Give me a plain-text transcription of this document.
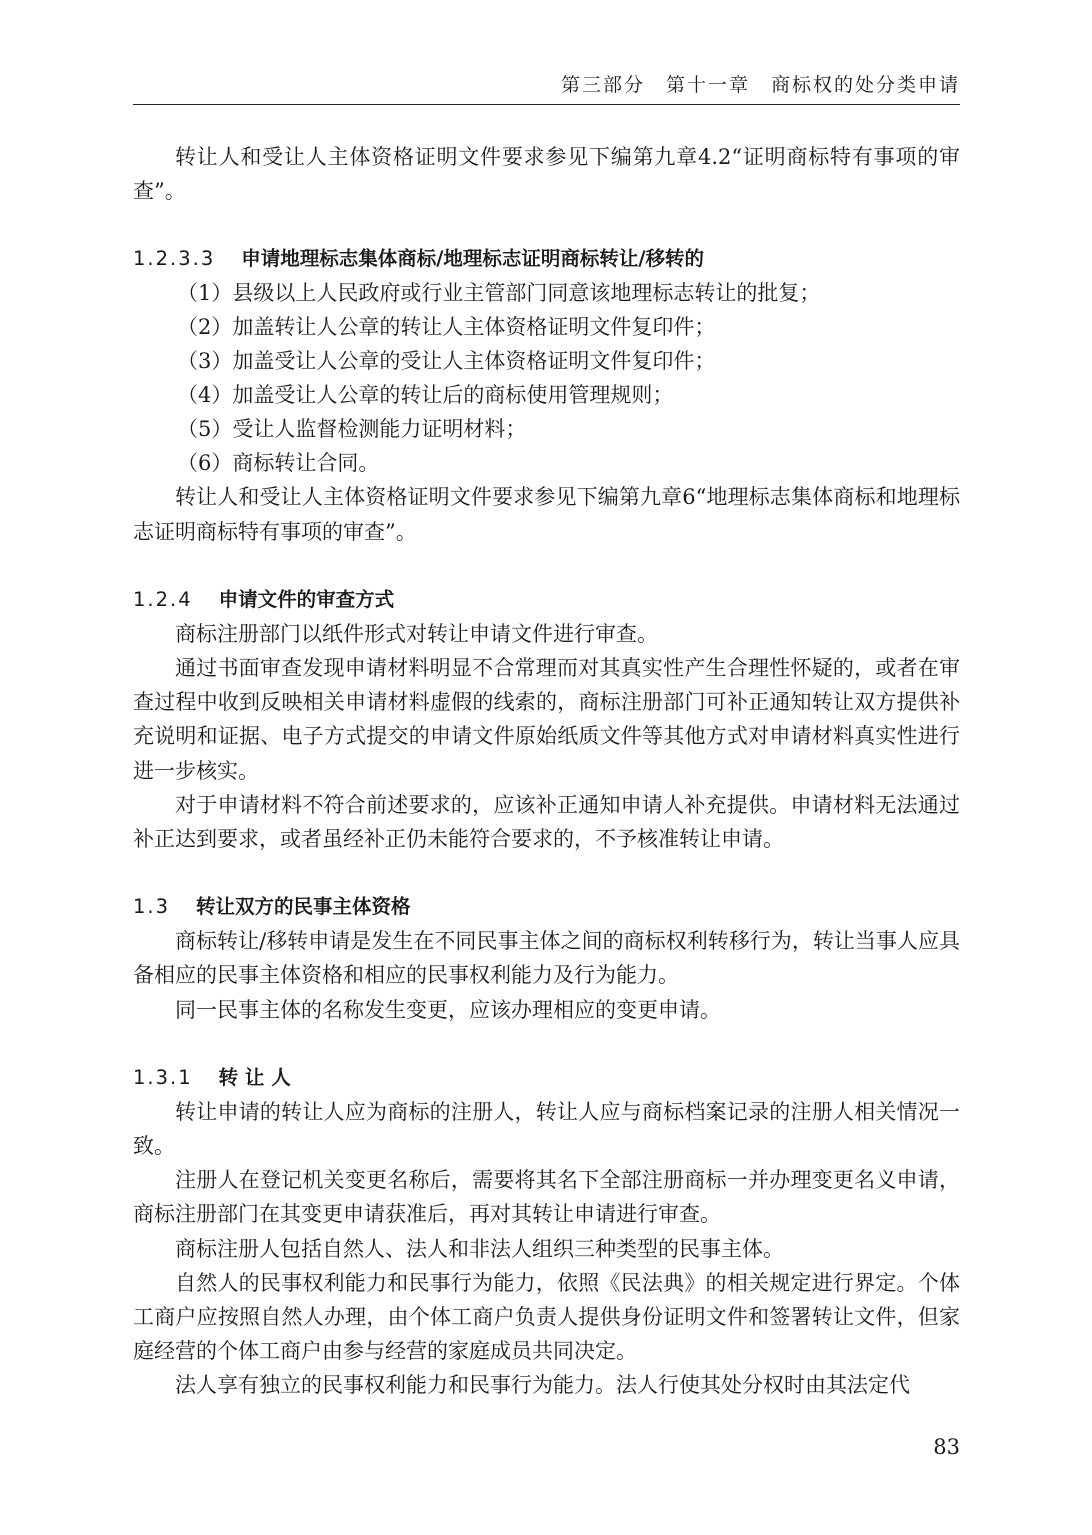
第三部分　第十一章　商标权的处分类申请

转让人和受让人主体资格证明文件要求参见下编第九章4.2“证明商标特有事项的审查”。

1.2.3.3 申请地理标志集体商标/地理标志证明商标转让/移转的

（1）县级以上人民政府或行业主管部门同意该地理标志转让的批复；

（2）加盖转让人公章的转让人主体资格证明文件复印件；

（3）加盖受让人公章的受让人主体资格证明文件复印件；

（4）加盖受让人公章的转让后的商标使用管理规则；

（5）受让人监督检测能力证明材料；

（6）商标转让合同。

转让人和受让人主体资格证明文件要求参见下编第九章6“地理标志集体商标和地理标志证明商标特有事项的审查”。

1.2.4 申请文件的审查方式

商标注册部门以纸件形式对转让申请文件进行审查。

通过书面审查发现申请材料明显不合常理而对其真实性产生合理性怀疑的，或者在审查过程中收到反映相关申请材料虚假的线索的，商标注册部门可补正通知转让双方提供补充说明和证据、电子方式提交的申请文件原始纸质文件等其他方式对申请材料真实性进行进一步核实。

对于申请材料不符合前述要求的，应该补正通知申请人补充提供。申请材料无法通过补正达到要求，或者虽经补正仍未能符合要求的，不予核准转让申请。

1.3 转让双方的民事主体资格

商标转让/移转申请是发生在不同民事主体之间的商标权利转移行为，转让当事人应具备相应的民事主体资格和相应的民事权利能力及行为能力。

同一民事主体的名称发生变更，应该办理相应的变更申请。

1.3.1 转 让 人

转让申请的转让人应为商标的注册人，转让人应与商标档案记录的注册人相关情况一致。

注册人在登记机关变更名称后，需要将其名下全部注册商标一并办理变更名义申请，商标注册部门在其变更申请获准后，再对其转让申请进行审查。

商标注册人包括自然人、法人和非法人组织三种类型的民事主体。

自然人的民事权利能力和民事行为能力，依照《民法典》的相关规定进行界定。个体工商户应按照自然人办理，由个体工商户负责人提供身份证明文件和签署转让文件，但家庭经营的个体工商户由参与经营的家庭成员共同决定。

法人享有独立的民事权利能力和民事行为能力。法人行使其处分权时由其法定代

83
